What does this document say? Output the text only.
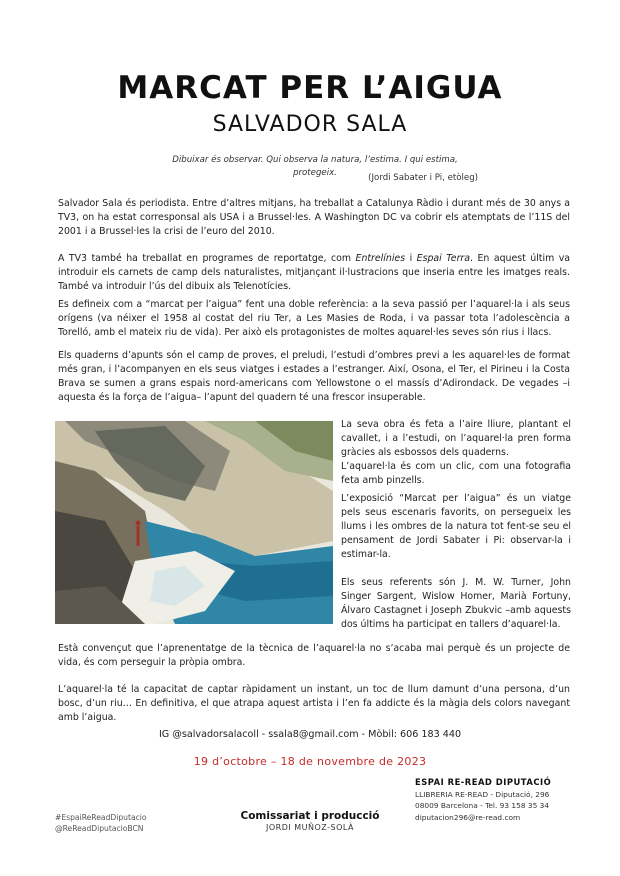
MARCAT PER L’AIGUA
SALVADOR SALA
Dibuixar és observar. Qui observa la natura, l’estima. I qui estima, protegeix.	(Jordi Sabater i Pi, etòleg)

Salvador Sala és periodista. Entre d’altres mitjans, ha treballat a Catalunya Ràdio i durant més de 30 anys a TV3, on ha estat corresponsal als USA i a Brussel·les. A Washington DC va cobrir els atemptats de l’11S del 2001 i a Brussel·les la crisi de l’euro del 2010.

A TV3 també ha treballat en programes de reportatge, com Entrelínies i Espai Terra. En aquest últim va introduir els carnets de camp dels naturalistes, mitjançant il·lustracions que inseria entre les imatges reals. També va introduir l’ús del dibuix als Telenotícies.

Es defineix com a “marcat per l’aigua” fent una doble referència: a la seva passió per l’aquarel·la i als seus orígens (va néixer el 1958 al costat del riu Ter, a Les Masies de Roda, i va passar tota l’adolescència a Torelló, amb el mateix riu de vida). Per això els protagonistes de moltes aquarel·les seves són rius i llacs.

Els quaderns d’apunts són el camp de proves, el preludi, l’estudi d’ombres previ a les aquarel·les de format més gran, i l’acompanyen en els seus viatges i estades a l’estranger. Així, Osona, el Ter, el Pirineu i la Costa Brava se sumen a grans espais nord-americans com Yellowstone o el massís d’Adirondack. De vegades –i aquesta és la força de l’aigua– l’apunt del quadern té una frescor insuperable.

La seva obra és feta a l’aire lliure, plantant el cavallet, i a l’estudi, on l’aquarel·la pren forma gràcies als esbossos dels quaderns.

L’aquarel·la és com un clic, com una fotografia feta amb pinzells.

L’exposició “Marcat per l’aigua” és un viatge pels seus escenaris favorits, on persegueix les llums i les ombres de la natura tot fent-se seu el pensament de Jordi Sabater i Pi: observar-la i estimar-la.

Els seus referents són J. M. W. Turner, John Singer Sargent, Wislow Homer, Marià Fortuny, Álvaro Castagnet i Joseph Zbukvic –amb aquests dos últims ha participat en tallers d’aquarel·la.

Està convençut que l’aprenentatge de la tècnica de l’aquarel·la no s’acaba mai perquè és un projecte de vida, és com perseguir la pròpia ombra.

L’aquarel·la té la capacitat de captar ràpidament un instant, un toc de llum damunt d’una persona, d’un bosc, d’un riu… En definitiva, el que atrapa aquest artista i l’en fa addicte és la màgia dels colors navegant amb l’aigua.

IG @salvadorsalacoll - ssala8@gmail.com - Mòbil: 606 183 440
19 d’octobre – 18 de novembre de 2023
#EspaiReReadDiputacio
@ReReadDiputacioBCN
Comissariat i producció
JORDI MUÑOZ-SOLÀ
ESPAI RE-READ DIPUTACIÓ
LLIBRERIA RE-READ - Diputació, 296
08009 Barcelona - Tel. 93 158 35 34
diputacion296@re-read.com
